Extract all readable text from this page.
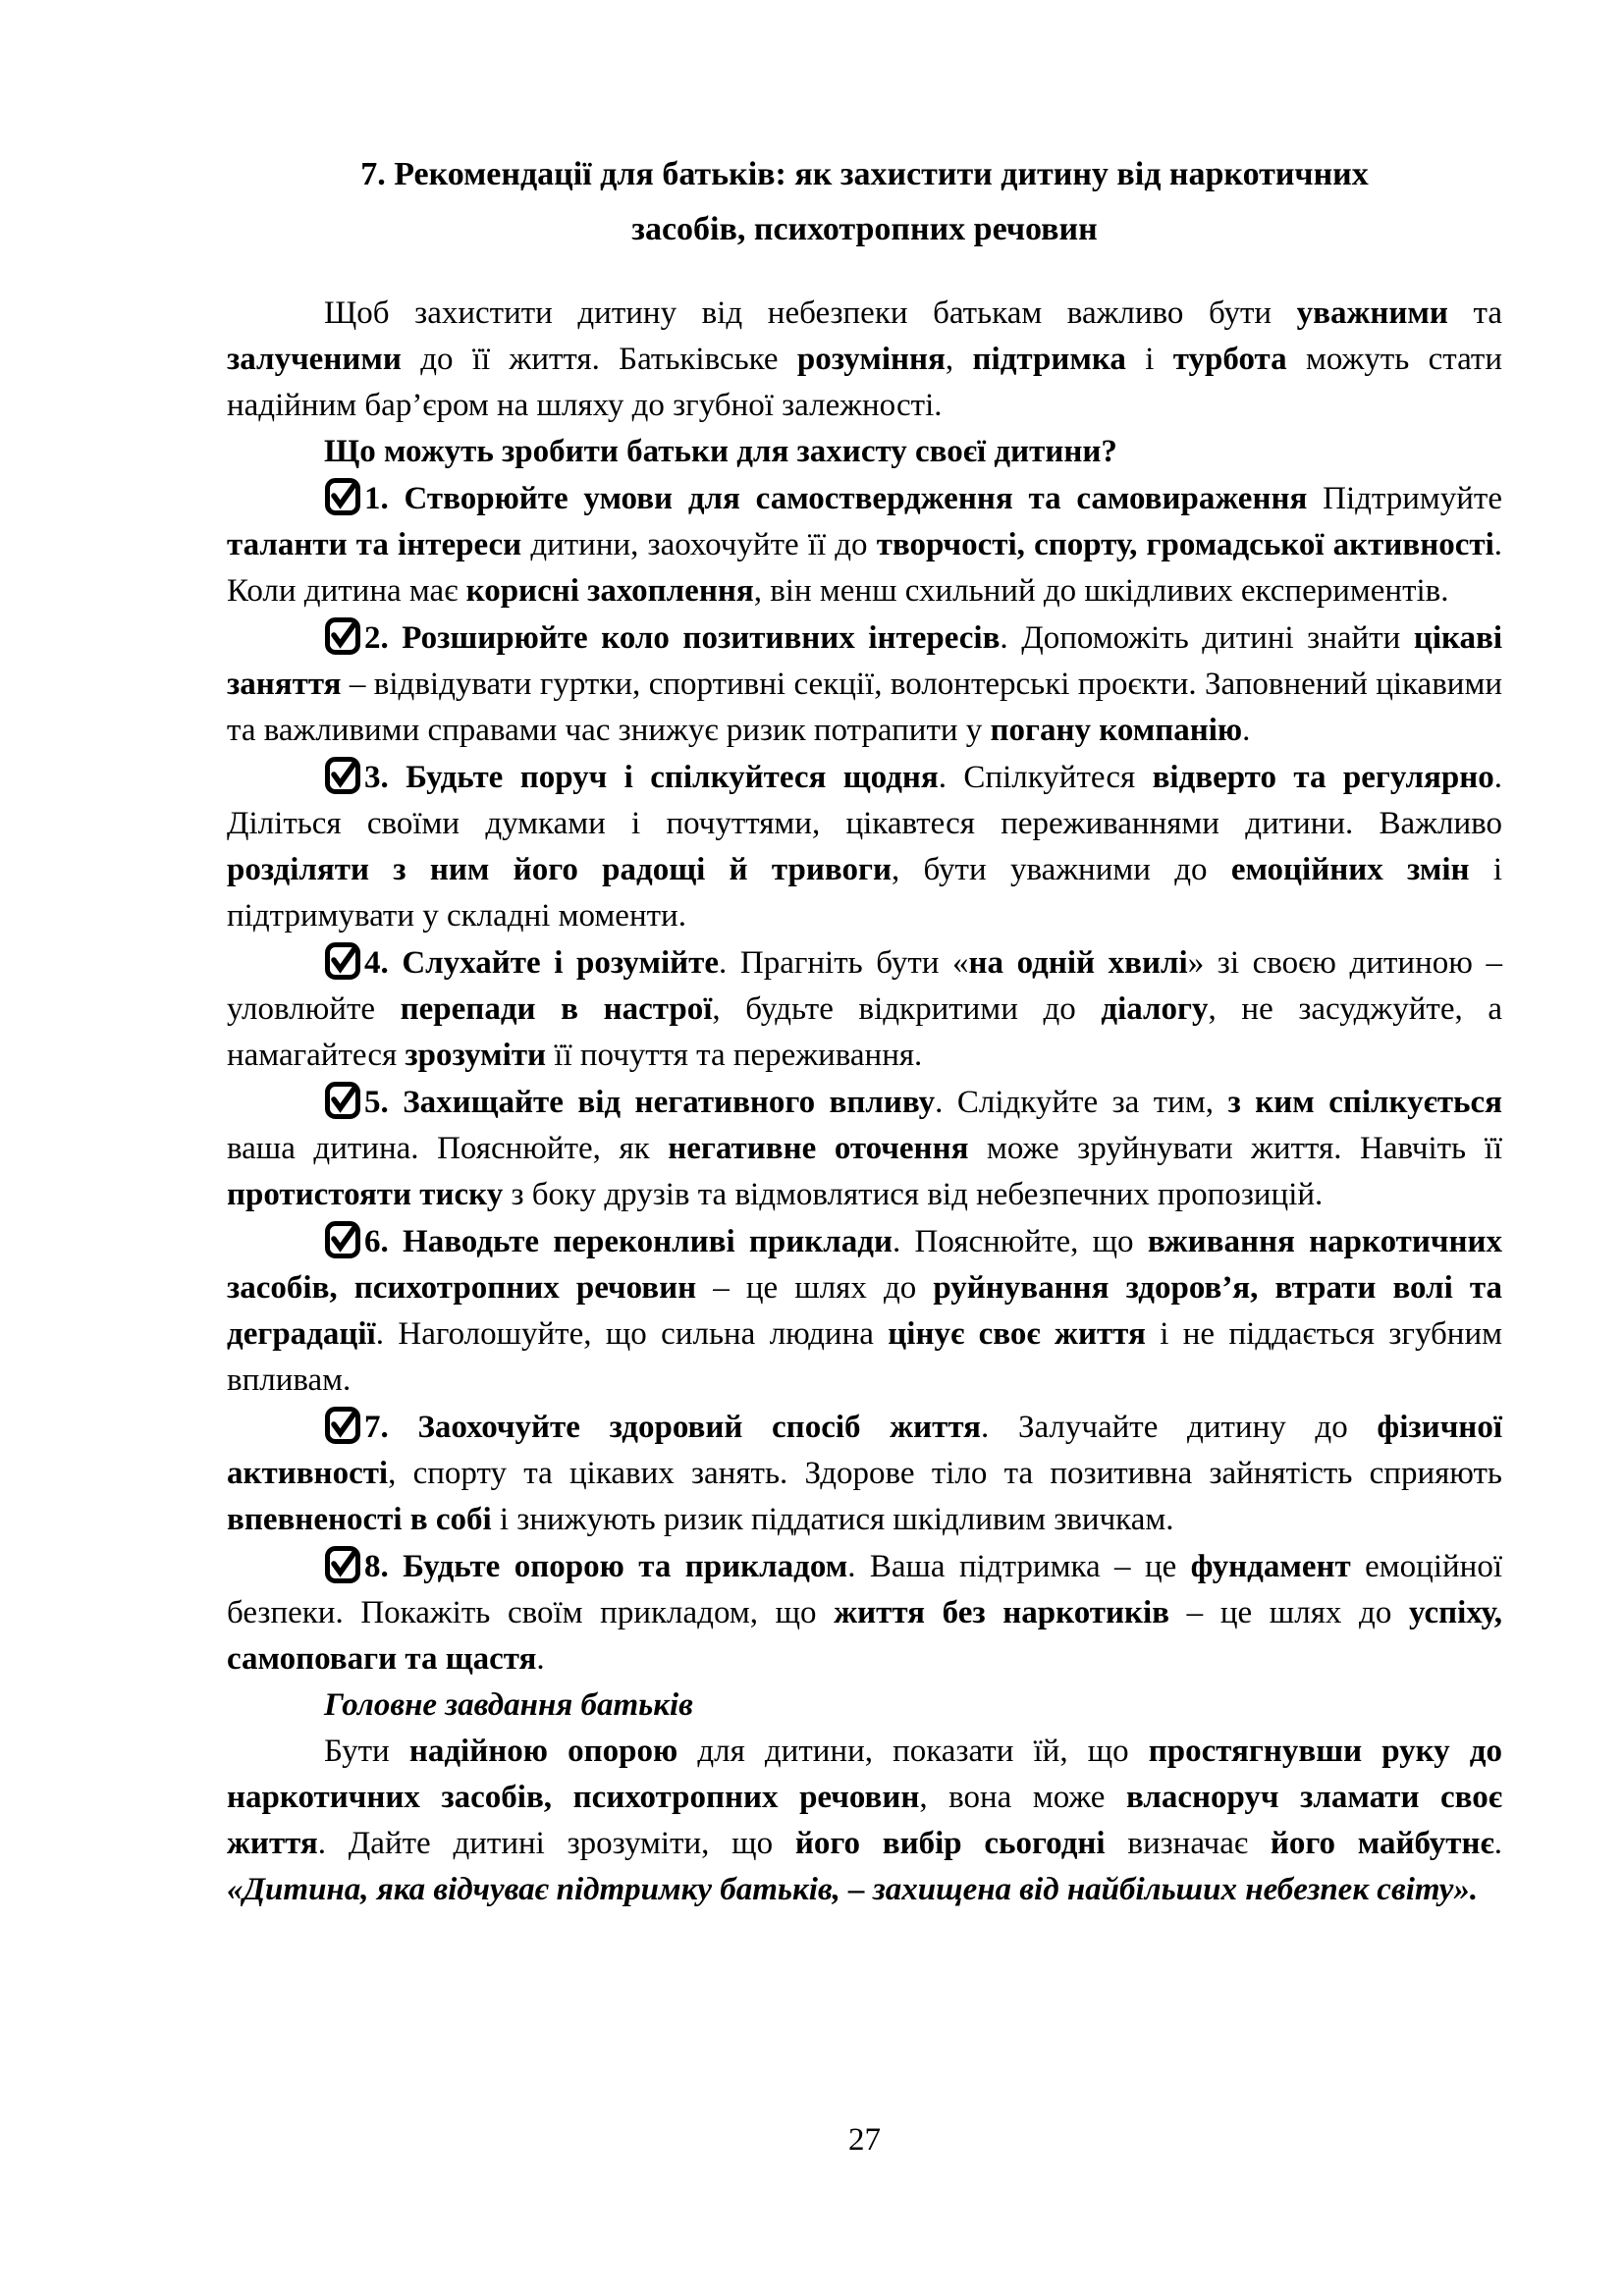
7. Рекомендації для батьків: як захистити дитину від наркотичних
засобів, психотропних речовин

Щоб захистити дитину від небезпеки батькам важливо бути уважними та залученими до її життя. Батьківське розуміння, підтримка і турбота можуть стати надійним бар’єром на шляху до згубної залежності.

Що можуть зробити батьки для захисту своєї дитини?

1. Створюйте умови для самоствердження та самовираження Підтримуйте таланти та інтереси дитини, заохочуйте її до творчості, спорту, громадської активності. Коли дитина має корисні захоплення, він менш схильний до шкідливих експериментів.

2. Розширюйте коло позитивних інтересів. Допоможіть дитині знайти цікаві заняття – відвідувати гуртки, спортивні секції, волонтерські проєкти. Заповнений цікавими та важливими справами час знижує ризик потрапити у погану компанію.

3. Будьте поруч і спілкуйтеся щодня. Спілкуйтеся відверто та регулярно. Діліться своїми думками і почуттями, цікавтеся переживаннями дитини. Важливо розділяти з ним його радощі й тривоги, бути уважними до емоційних змін і підтримувати у складні моменти.

4. Слухайте і розумійте. Прагніть бути «на одній хвилі» зі своєю дитиною – уловлюйте перепади в настрої, будьте відкритими до діалогу, не засуджуйте, а намагайтеся зрозуміти її почуття та переживання.

5. Захищайте від негативного впливу. Слідкуйте за тим, з ким спілкується ваша дитина. Пояснюйте, як негативне оточення може зруйнувати життя. Навчіть її протистояти тиску з боку друзів та відмовлятися від небезпечних пропозицій.

6. Наводьте переконливі приклади. Пояснюйте, що вживання наркотичних засобів, психотропних речовин – це шлях до руйнування здоров’я, втрати волі та деградації. Наголошуйте, що сильна людина цінує своє життя і не піддається згубним впливам.

7. Заохочуйте здоровий спосіб життя. Залучайте дитину до фізичної активності, спорту та цікавих занять. Здорове тіло та позитивна зайнятість сприяють впевненості в собі і знижують ризик піддатися шкідливим звичкам.

8. Будьте опорою та прикладом. Ваша підтримка – це фундамент емоційної безпеки. Покажіть своїм прикладом, що життя без наркотиків – це шлях до успіху, самоповаги та щастя.

Головне завдання батьків

Бути надійною опорою для дитини, показати їй, що простягнувши руку до наркотичних засобів, психотропних речовин, вона може власноруч зламати своє життя. Дайте дитині зрозуміти, що його вибір сьогодні визначає його майбутнє. «Дитина, яка відчуває підтримку батьків, – захищена від найбільших небезпек світу».

27
